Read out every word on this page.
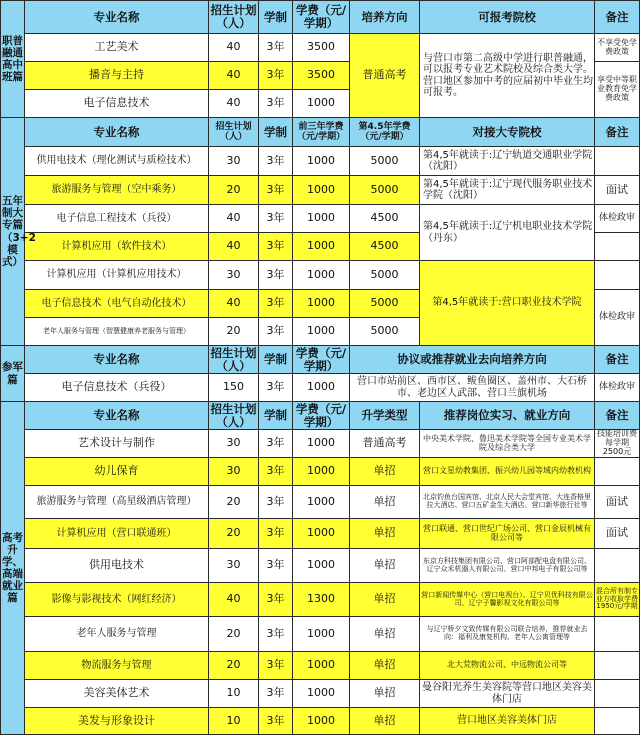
职普融通高中班篇	专业名称	招生计划（人）	学制	学费（元/学期）	培养方向	可报考院校	备注
	工艺美术	40	3年	3500	普通高考	与营口市第二高级中学进行职普融通，可以报考专业艺术院校及综合类大学。营口地区参加中考的应届初中毕业生均可报考。	不享受免学费政策
	播音与主持	40	3年	3500			享受中等职业教育免学费政策
	电子信息技术	40	3年	1000			
五年制大专篇（3+2模式）	专业名称	招生计划（人）	学制	前三年学费（元/学期）	第4.5年学费（元/学期）	对接大专院校	备注
	供用电技术（理化测试与质检技术）	30	3年	1000	5000	第4,5年就读于:辽宁轨道交通职业学院（沈阳）	
	旅游服务与管理（空中乘务）	20	3年	1000	5000	第4,5年就读于:辽宁现代服务职业技术学院（沈阳）	面试
	电子信息工程技术（兵役）	40	3年	1000	4500	第4,5年就读于:辽宁机电职业技术学院（丹东）	体检政审
	计算机应用（软件技术）	40	3年	1000	4500		
	计算机应用（计算机应用技术）	30	3年	1000	5000	第4,5年就读于:营口职业技术学院	
	电子信息技术（电气自动化技术）	40	3年	1000	5000		体检政审
	老年人服务与管理（智慧健康养老服务与管理）	20	3年	1000	5000		
参军篇	专业名称	招生计划（人）	学制	学费（元/学期）	协议或推荐就业去向培养方向		备注
	电子信息技术（兵役）	150	3年	1000	营口市站前区、西市区、鲅鱼圈区、盖州市、大石桥市、老边区人武部、营口兰旗机场		体检政审
高考升学、高端就业篇	专业名称	招生计划（人）	学制	学费（元/学期）	升学类型	推荐岗位实习、就业方向	备注
	艺术设计与制作	30	3年	1000	普通高考	中央美术学院、鲁迅美术学院等全国专业美术学院及综合类大学	技能培训费每学期2500元
	幼儿保育	30	3年	1000	单招	营口文星幼教集团、振兴幼儿园等域内幼教机构	
	旅游服务与管理（高星级酒店管理）	20	3年	1000	单招	北京钓鱼台国宾馆、北京人民大会堂宾馆、大连香格里拉大酒店、营口五矿金生大酒店、营口新华旅行社等	面试
	计算机应用（营口联通班）	20	3年	1000	单招	营口联通、营口世纪广场公司、营口金辰机械有限公司等	面试
	供用电技术	30	3年	1000	单招	东京方科技集团有限公司、营口阿部配电盘有限公司、辽宁众禾机器人有限公司、营口中邦电子有限公司等	
	影像与影视技术（网红经济）	40	3年	1300	单招	营口新闻传媒中心（营口电视台）、辽宁贝优科技有限公司、辽宁子馨影视文化有限公司等	混合所有制专业方收取学费1950元/学期
	老年人服务与管理	20	3年	1000	单招	与辽宁桥夕文致传媒有限公司联合培养，推荐就业去向：福利及康复机构、老年人公寓管理等	
	物流服务与管理	20	3年	1000	单招	北大荒物流公司、中远物流公司等	
	美容美体艺术	10	3年	1000	单招	曼谷阳光养生美容院等营口地区美容美体门店	
	美发与形象设计	10	3年	1000	单招	营口地区美容美体门店	
